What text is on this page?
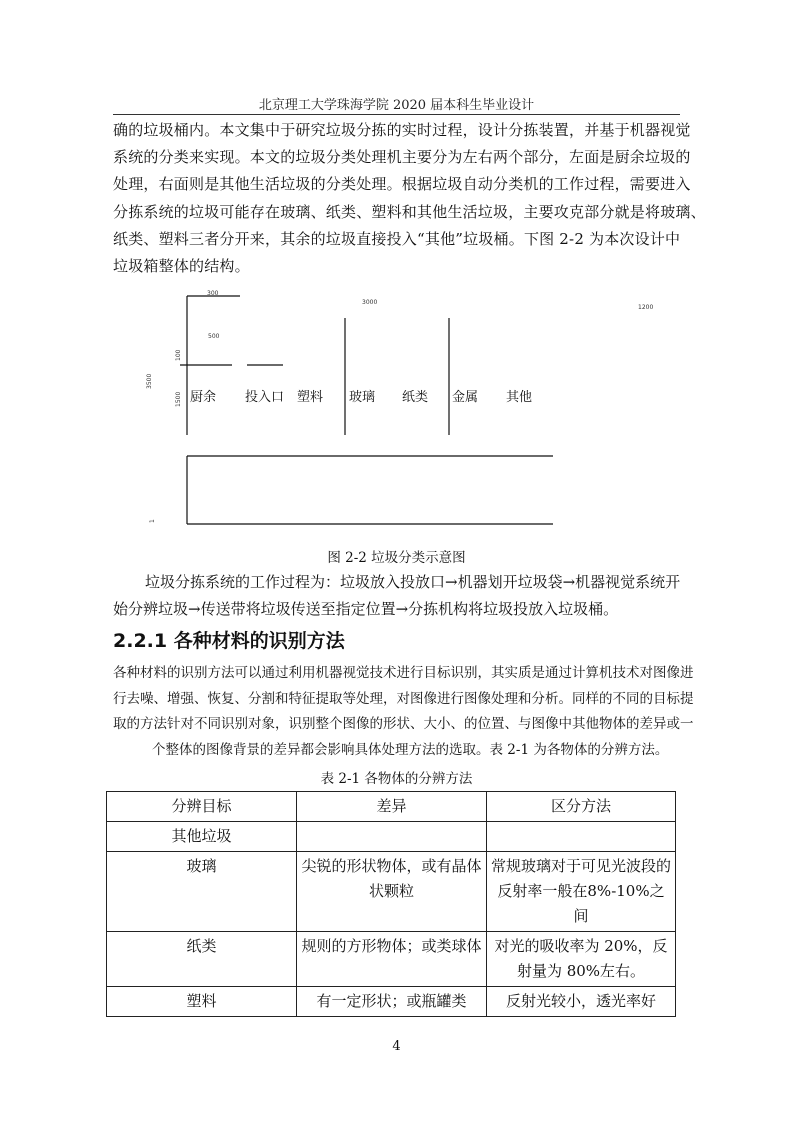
北京理工大学珠海学院 2020 届本科生毕业设计
确的垃圾桶内。本文集中于研究垃圾分拣的实时过程，设计分拣装置，并基于机器视觉
系统的分类来实现。本文的垃圾分类处理机主要分为左右两个部分，左面是厨余垃圾的
处理，右面则是其他生活垃圾的分类处理。根据垃圾自动分类机的工作过程，需要进入
分拣系统的垃圾可能存在玻璃、纸类、塑料和其他生活垃圾，主要攻克部分就是将玻璃、
纸类、塑料三者分开来，其余的垃圾直接投入“其他”垃圾桶。下图 2-2 为本次设计中
垃圾箱整体的结构。
300
500
3000
1200
100
3500
1500
1
厨余 投入口 塑料 玻璃 纸类 金属 其他
图 2-2 垃圾分类示意图
垃圾分拣系统的工作过程为：垃圾放入投放口→机器划开垃圾袋→机器视觉系统开
始分辨垃圾→传送带将垃圾传送至指定位置→分拣机构将垃圾投放入垃圾桶。
2.2.1 各种材料的识别方法
各种材料的识别方法可以通过利用机器视觉技术进行目标识别，其实质是通过计算机技术对图像进
行去噪、增强、恢复、分割和特征提取等处理，对图像进行图像处理和分析。同样的不同的目标提
取的方法针对不同识别对象，识别整个图像的形状、大小、的位置、与图像中其他物体的差异或一
个整体的图像背景的差异都会影响具体处理方法的选取。表 2-1 为各物体的分辨方法。
表 2-1 各物体的分辨方法
分辨目标	差异	区分方法
其他垃圾		
玻璃	尖锐的形状物体，或有晶体状颗粒	常规玻璃对于可见光波段的反射率一般在8%-10%之间
纸类	规则的方形物体；或类球体	对光的吸收率为 20%，反射量为 80%左右。
塑料	有一定形状；或瓶罐类	反射光较小，透光率好
4
